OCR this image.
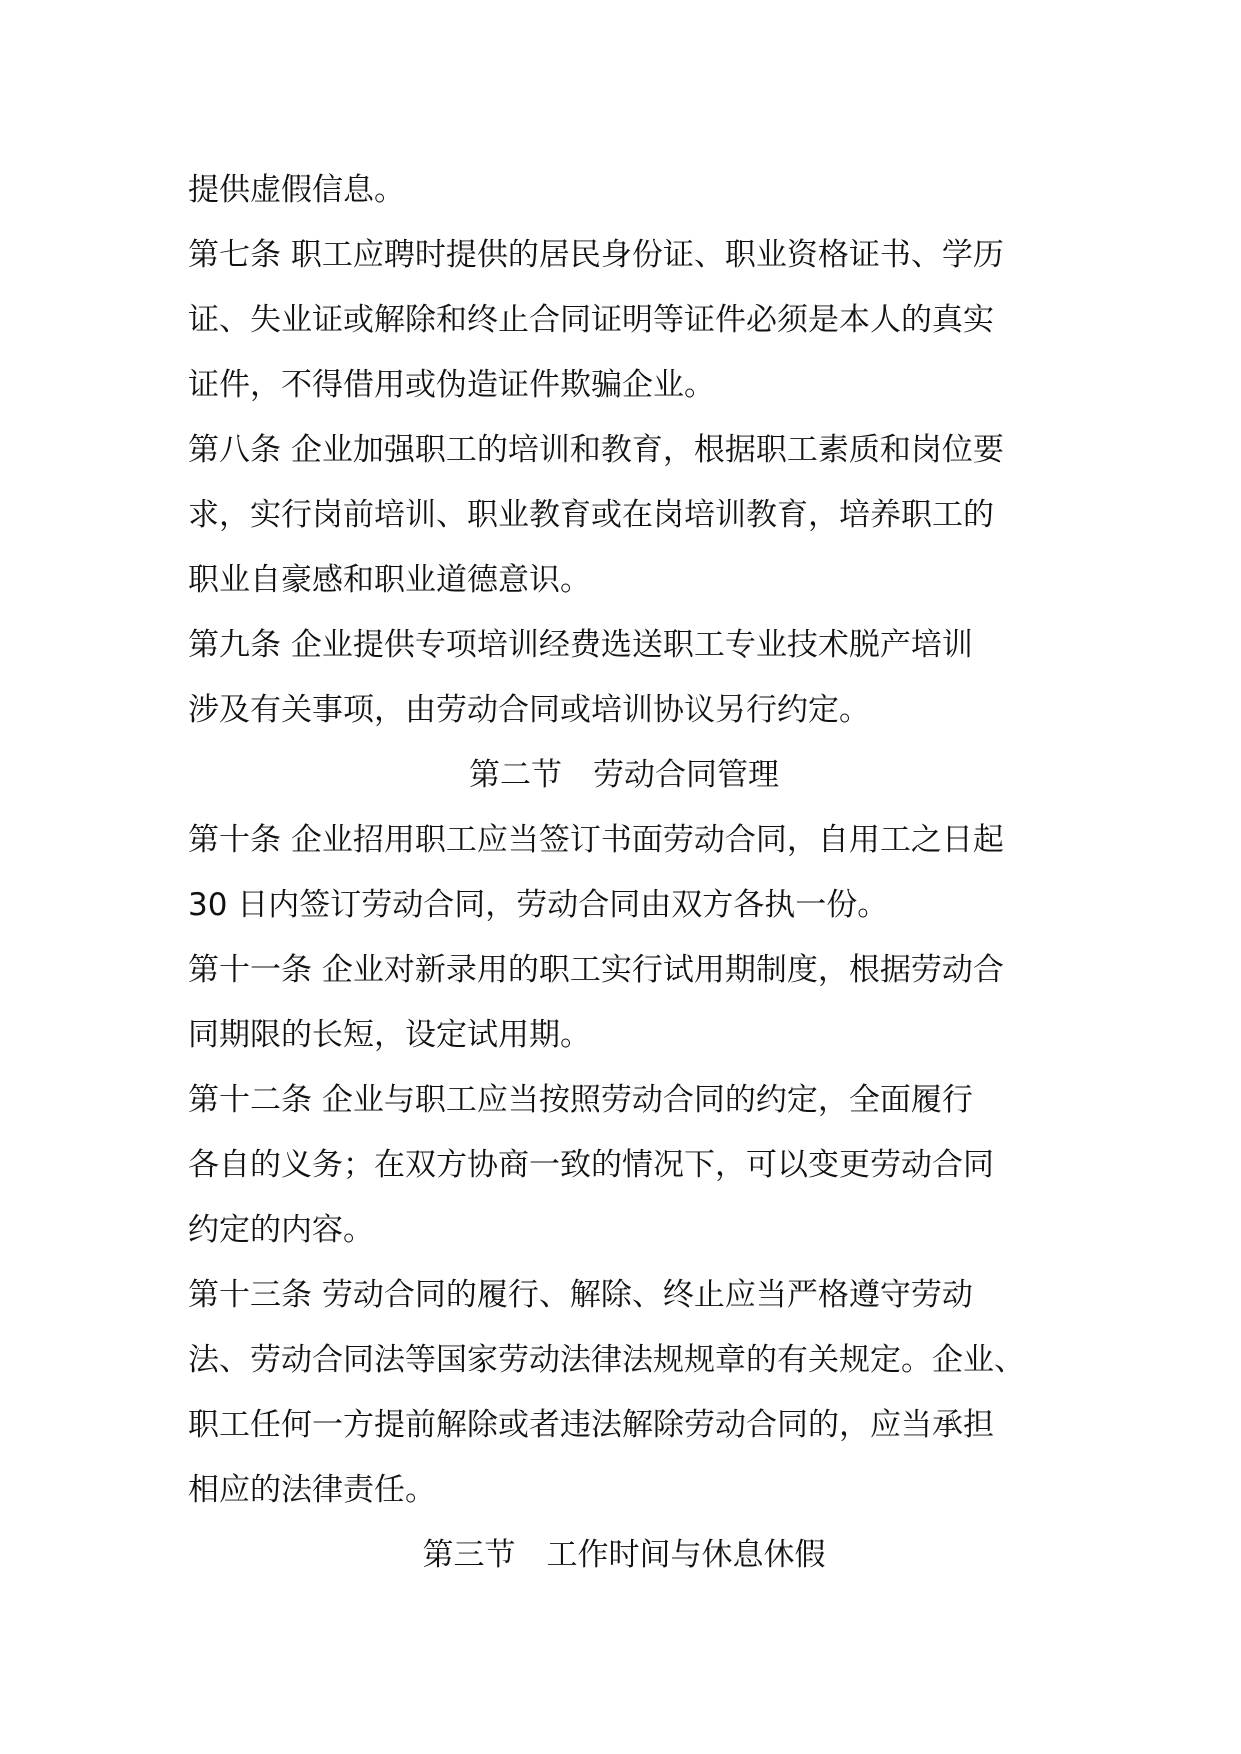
提供虚假信息。
第七条 职工应聘时提供的居民身份证、职业资格证书、学历
证、失业证或解除和终止合同证明等证件必须是本人的真实
证件，不得借用或伪造证件欺骗企业。
第八条 企业加强职工的培训和教育，根据职工素质和岗位要
求，实行岗前培训、职业教育或在岗培训教育，培养职工的
职业自豪感和职业道德意识。
第九条 企业提供专项培训经费选送职工专业技术脱产培训
涉及有关事项，由劳动合同或培训协议另行约定。
第二节　劳动合同管理
第十条 企业招用职工应当签订书面劳动合同，自用工之日起
30 日内签订劳动合同，劳动合同由双方各执一份。
第十一条 企业对新录用的职工实行试用期制度，根据劳动合
同期限的长短，设定试用期。
第十二条 企业与职工应当按照劳动合同的约定，全面履行
各自的义务；在双方协商一致的情况下，可以变更劳动合同
约定的内容。
第十三条 劳动合同的履行、解除、终止应当严格遵守劳动
法、劳动合同法等国家劳动法律法规规章的有关规定。企业、
职工任何一方提前解除或者违法解除劳动合同的，应当承担
相应的法律责任。
第三节　工作时间与休息休假
